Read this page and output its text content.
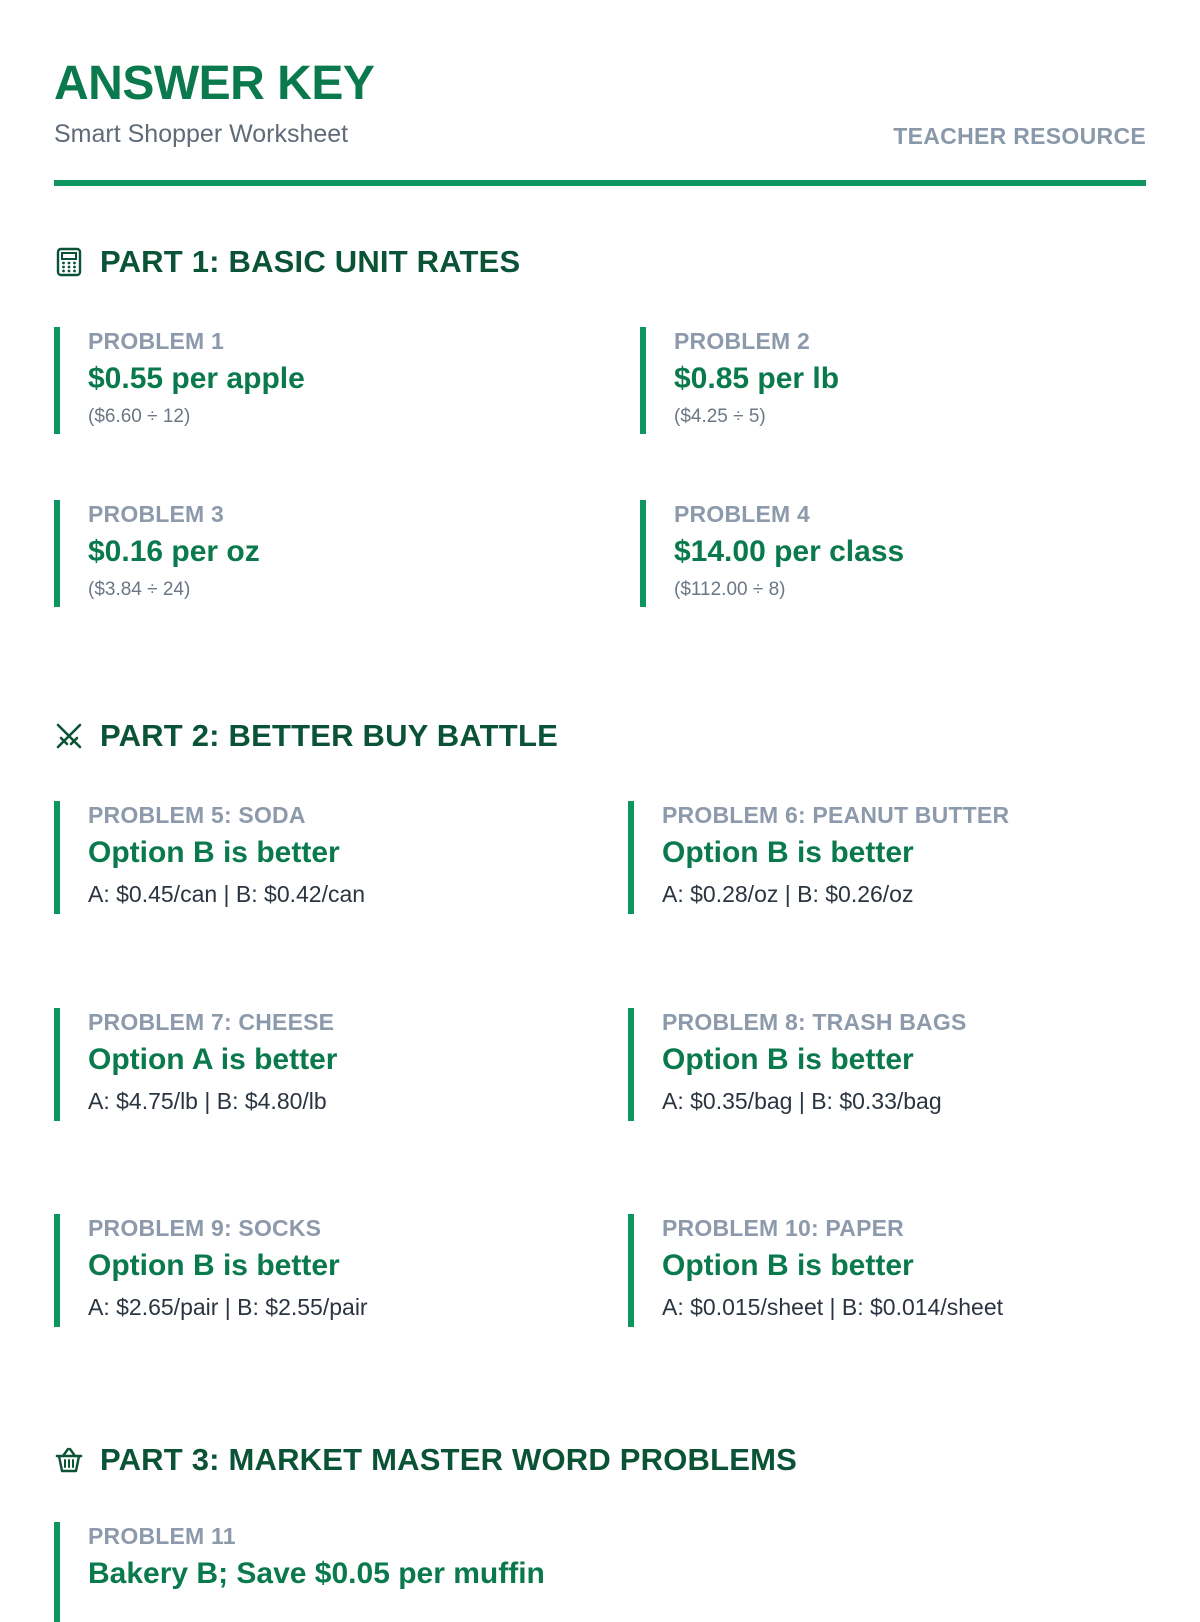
ANSWER KEY
Smart Shopper Worksheet	TEACHER RESOURCE
PART 1: BASIC UNIT RATES
PROBLEM 1
$0.55 per apple
($6.60 ÷ 12)
PROBLEM 2
$0.85 per lb
($4.25 ÷ 5)
PROBLEM 3
$0.16 per oz
($3.84 ÷ 24)
PROBLEM 4
$14.00 per class
($112.00 ÷ 8)
PART 2: BETTER BUY BATTLE
PROBLEM 5: SODA
Option B is better
A: $0.45/can | B: $0.42/can
PROBLEM 6: PEANUT BUTTER
Option B is better
A: $0.28/oz | B: $0.26/oz
PROBLEM 7: CHEESE
Option A is better
A: $4.75/lb | B: $4.80/lb
PROBLEM 8: TRASH BAGS
Option B is better
A: $0.35/bag | B: $0.33/bag
PROBLEM 9: SOCKS
Option B is better
A: $2.65/pair | B: $2.55/pair
PROBLEM 10: PAPER
Option B is better
A: $0.015/sheet | B: $0.014/sheet
PART 3: MARKET MASTER WORD PROBLEMS
PROBLEM 11
Bakery B; Save $0.05 per muffin
